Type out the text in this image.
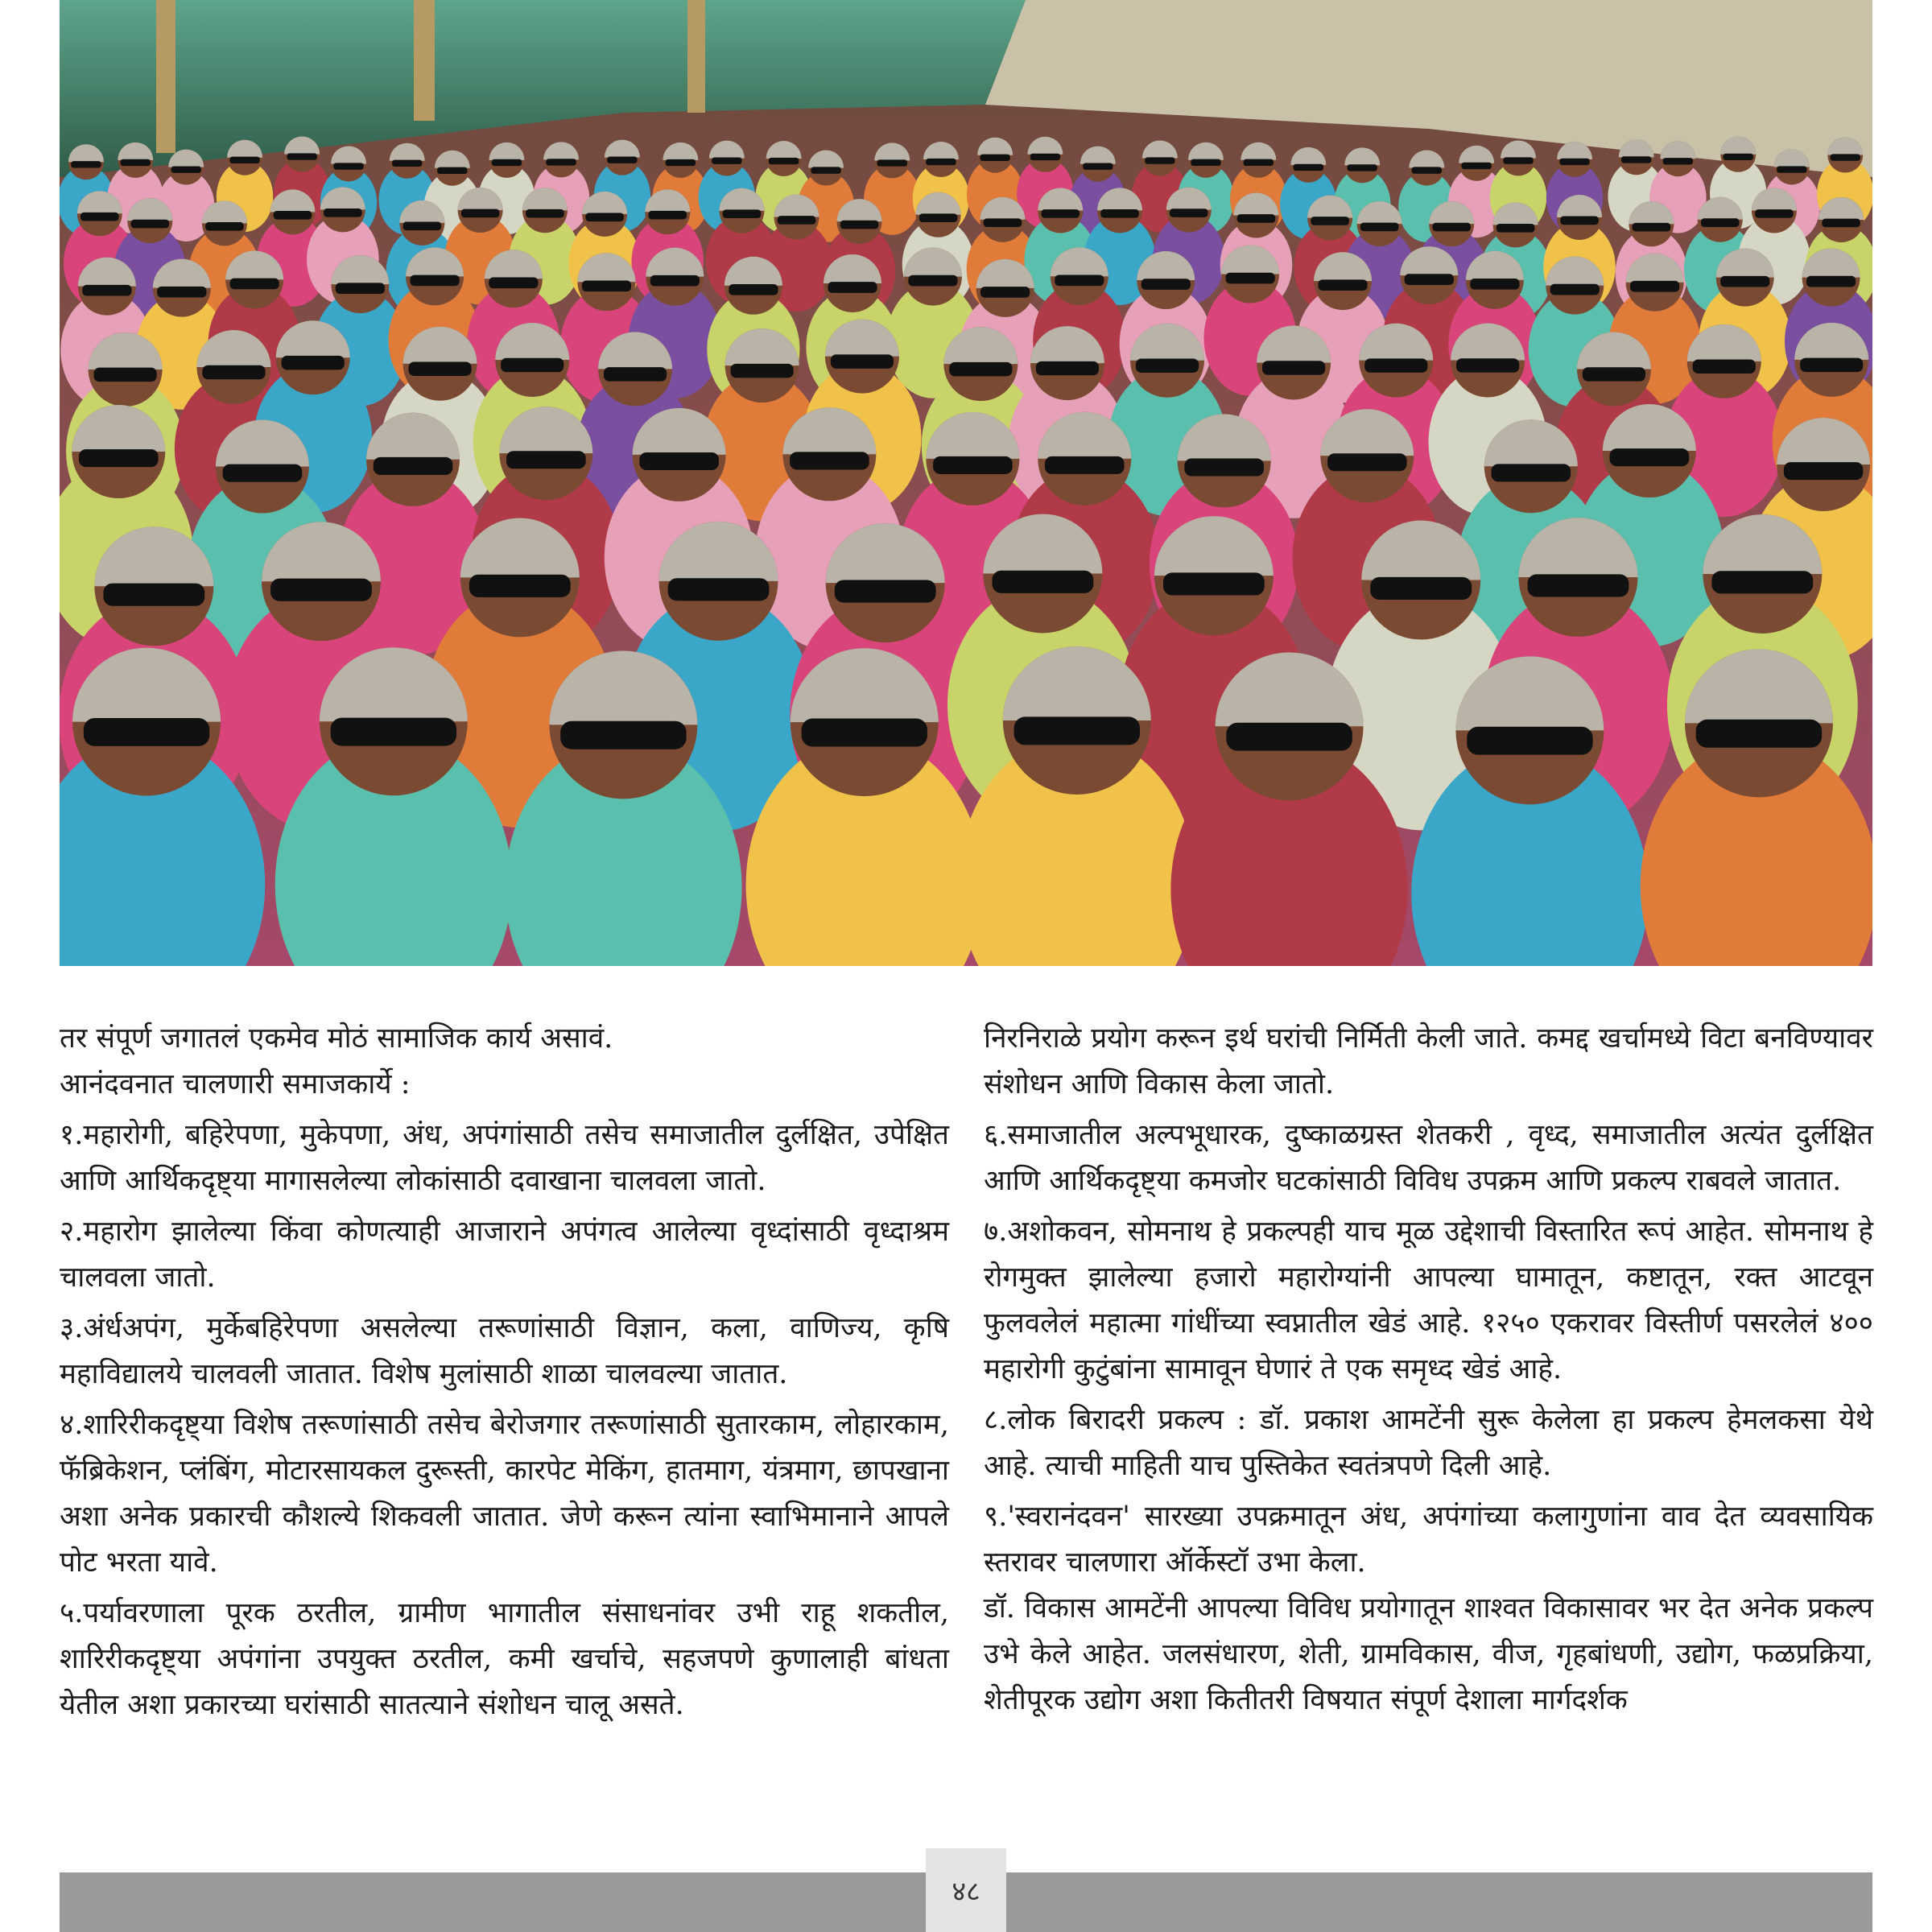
तर संपूर्ण जगातलं एकमेव मोठं सामाजिक कार्य असावं.

आनंदवनात चालणारी समाजकार्ये :

१.महारोगी, बहिरेपणा, मुकेपणा, अंध, अपंगांसाठी तसेच समाजातील दुर्लक्षित, उपेक्षित आणि आर्थिकदृष्ट्या मागासलेल्या लोकांसाठी दवाखाना चालवला जातो.

२.महारोग झालेल्या किंवा कोणत्याही आजाराने अपंगत्व आलेल्या वृध्दांसाठी वृध्दाश्रम चालवला जातो.

३.अंर्धअपंग, मुर्केबहिरेपणा असलेल्या तरूणांसाठी विज्ञान, कला, वाणिज्य, कृषि महाविद्यालये चालवली जातात. विशेष मुलांसाठी शाळा चालवल्या जातात.

४.शारिरीकदृष्ट्या विशेष तरूणांसाठी तसेच बेरोजगार तरूणांसाठी सुतारकाम, लोहारकाम, फॅब्रिकेशन, प्लंबिंग, मोटारसायकल दुरूस्ती, कारपेट मेकिंग, हातमाग, यंत्रमाग, छापखाना अशा अनेक प्रकारची कौशल्ये शिकवली जातात. जेणे करून त्यांना स्वाभिमानाने आपले पोट भरता यावे.

५.पर्यावरणाला पूरक ठरतील, ग्रामीण भागातील संसाधनांवर उभी राहू शकतील, शारिरीकदृष्ट्या अपंगांना उपयुक्त ठरतील, कमी खर्चाचे, सहजपणे कुणालाही बांधता येतील अशा प्रकारच्या घरांसाठी सातत्याने संशोधन चालू असते.

निरनिराळे प्रयोग करून इर्थ घरांची निर्मिती केली जाते. कमद्द खर्चामध्ये विटा बनविण्यावर संशोधन आणि विकास केला जातो.

६.समाजातील अल्पभूधारक, दुष्काळग्रस्त शेतकरी , वृध्द, समाजातील अत्यंत दुर्लक्षित आणि आर्थिकदृष्ट्या कमजोर घटकांसाठी विविध उपक्रम आणि प्रकल्प राबवले जातात.

७.अशोकवन, सोमनाथ हे प्रकल्पही याच मूळ उद्देशाची विस्तारित रूपं आहेत. सोमनाथ हे रोगमुक्त झालेल्या हजारो महारोग्यांनी आपल्या घामातून, कष्टातून, रक्त आटवून फुलवलेलं महात्मा गांधींच्या स्वप्नातील खेडं आहे. १२५० एकरावर विस्तीर्ण पसरलेलं ४०० महारोगी कुटुंबांना सामावून घेणारं ते एक समृध्द खेडं आहे.

८.लोक बिरादरी प्रकल्प : डॉ. प्रकाश आमटेंनी सुरू केलेला हा प्रकल्प हेमलकसा येथे आहे. त्याची माहिती याच पुस्तिकेत स्वतंत्रपणे दिली आहे.

९.'स्वरानंदवन' सारख्या उपक्रमातून अंध, अपंगांच्या कलागुणांना वाव देत व्यवसायिक स्तरावर चालणारा ऑर्केस्टॉ उभा केला.

डॉ. विकास आमटेंनी आपल्या विविध प्रयोगातून शाश्वत विकासावर भर देत अनेक प्रकल्प उभे केले आहेत. जलसंधारण, शेती, ग्रामविकास, वीज, गृहबांधणी, उद्योग, फळप्रक्रिया, शेतीपूरक उद्योग अशा कितीतरी विषयात संपूर्ण देशाला मार्गदर्शक

४८
